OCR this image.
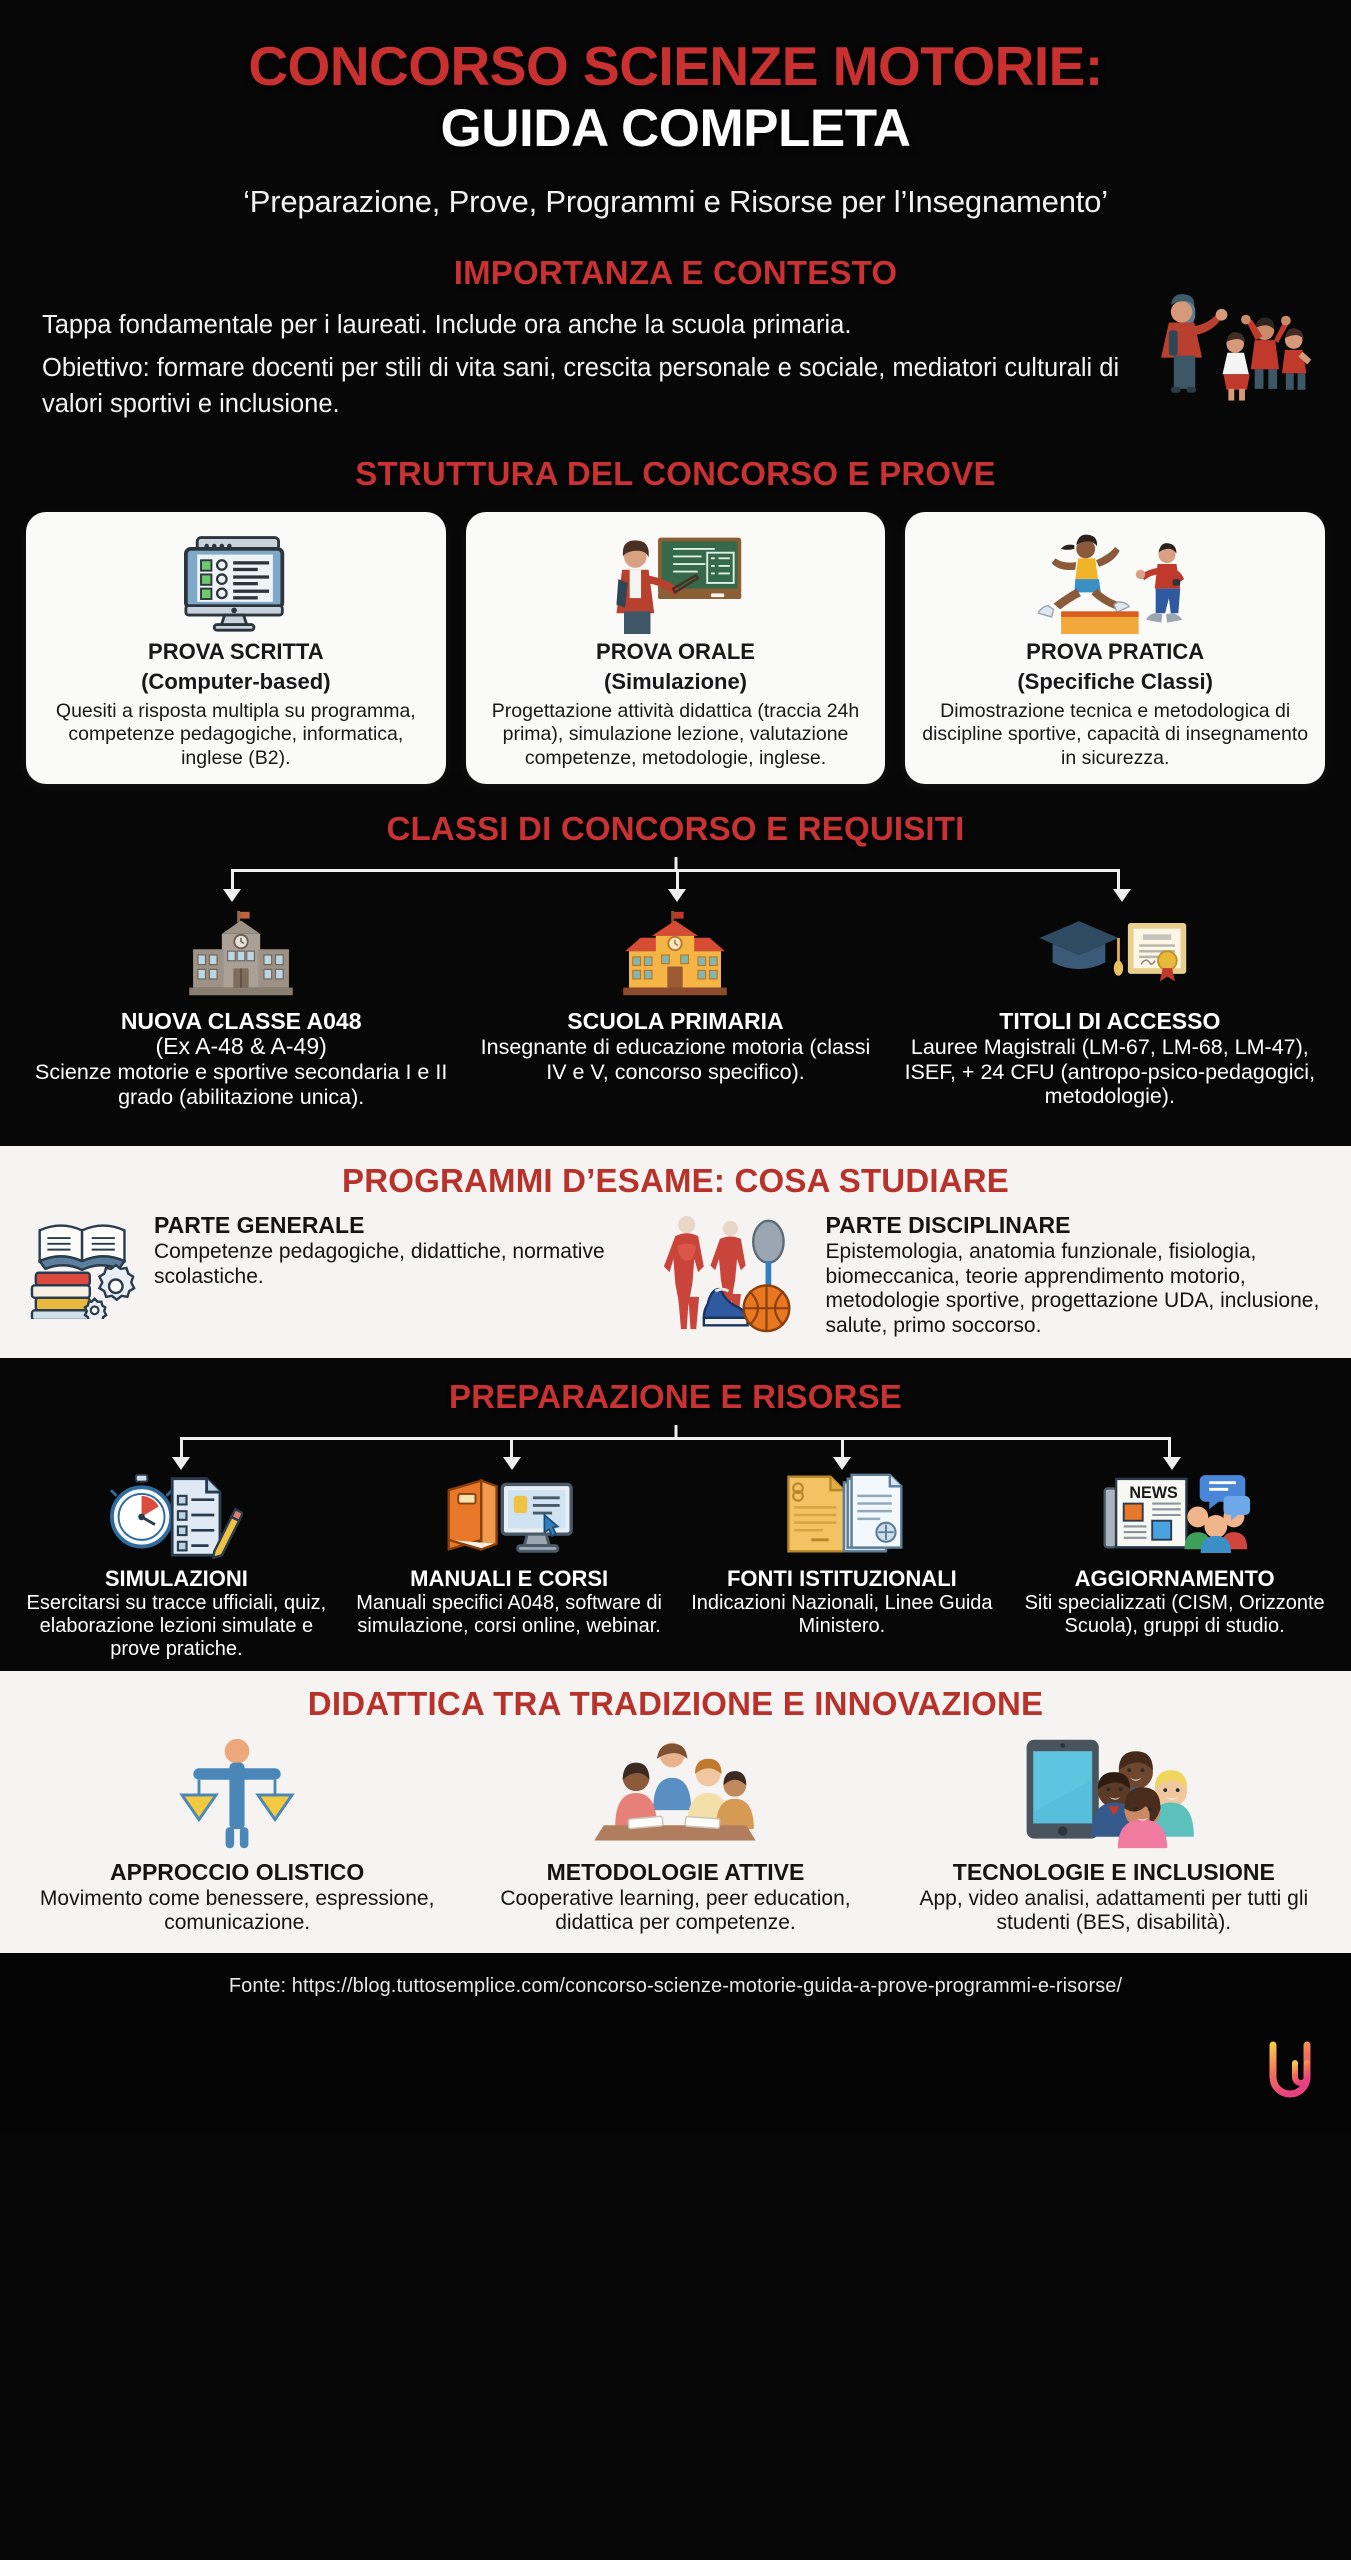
CONCORSO SCIENZE MOTORIE:
GUIDA COMPLETA
‘Preparazione, Prove, Programmi e Risorse per l’Insegnamento’
IMPORTANZA E CONTESTO

Tappa fondamentale per i laureati. Include ora anche la scuola primaria.

Obiettivo: formare docenti per stili di vita sani, crescita personale e sociale, mediatori culturali di valori sportivi e inclusione.

STRUTTURA DEL CONCORSO E PROVE
PROVA SCRITTA
(Computer-based)

Quesiti a risposta multipla su programma, competenze pedagogiche, informatica, inglese (B2).

PROVA ORALE
(Simulazione)

Progettazione attività didattica (traccia 24h prima), simulazione lezione, valutazione competenze, metodologie, inglese.

PROVA PRATICA
(Specifiche Classi)

Dimostrazione tecnica e metodologica di discipline sportive, capacità di insegnamento in sicurezza.

CLASSI DI CONCORSO E REQUISITI
NUOVA CLASSE A048
(Ex A-48 & A-49)

Scienze motorie e sportive secondaria I e II grado (abilitazione unica).

SCUOLA PRIMARIA

Insegnante di educazione motoria (classi IV e V, concorso specifico).

TITOLI DI ACCESSO

Lauree Magistrali (LM-67, LM-68, LM-47), ISEF, + 24 CFU (antropo-psico-pedagogici, metodologie).

PROGRAMMI D’ESAME: COSA STUDIARE
PARTE GENERALE

Competenze pedagogiche, didattiche, normative scolastiche.

PARTE DISCIPLINARE

Epistemologia, anatomia funzionale, fisiologia, biomeccanica, teorie apprendimento motorio, metodologie sportive, progettazione UDA, inclusione, salute, primo soccorso.

PREPARAZIONE E RISORSE
SIMULAZIONI

Esercitarsi su tracce ufficiali, quiz, elaborazione lezioni simulate e prove pratiche.

MANUALI E CORSI

Manuali specifici A048, software di simulazione, corsi online, webinar.

FONTI ISTITUZIONALI

Indicazioni Nazionali, Linee Guida Ministero.

NEWS
AGGIORNAMENTO

Siti specializzati (CISM, Orizzonte Scuola), gruppi di studio.

DIDATTICA TRA TRADIZIONE E INNOVAZIONE
APPROCCIO OLISTICO

Movimento come benessere, espressione, comunicazione.

METODOLOGIE ATTIVE

Cooperative learning, peer education, didattica per competenze.

TECNOLOGIE E INCLUSIONE

App, video analisi, adattamenti per tutti gli studenti (BES, disabilità).

Fonte: https://blog.tuttosemplice.com/concorso-scienze-motorie-guida-a-prove-programmi-e-risorse/
